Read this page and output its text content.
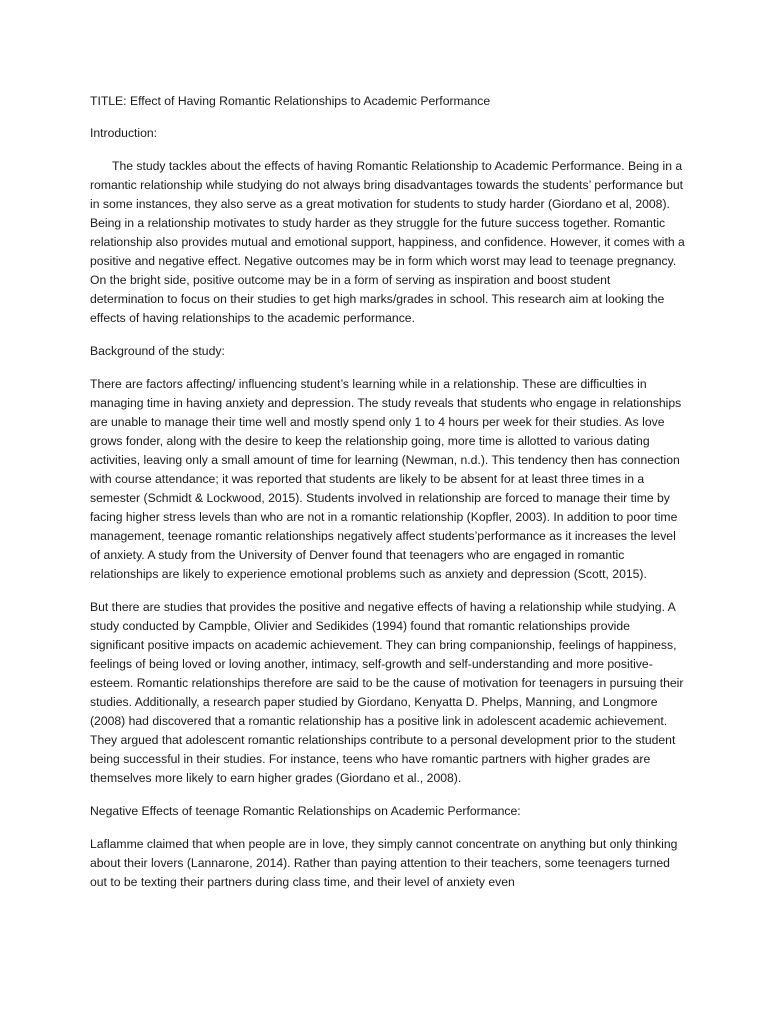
TITLE: Effect of Having Romantic Relationships to Academic Performance

Introduction:

The study tackles about the effects of having Romantic Relationship to Academic Performance. Being in a romantic relationship while studying do not always bring disadvantages towards the students’ performance but in some instances, they also serve as a great motivation for students to study harder (Giordano et al, 2008). Being in a relationship motivates to study harder as they struggle for the future success together. Romantic relationship also provides mutual and emotional support, happiness, and confidence. However, it comes with a positive and negative effect. Negative outcomes may be in form which worst may lead to teenage pregnancy. On the bright side, positive outcome may be in a form of serving as inspiration and boost student determination to focus on their studies to get high marks/grades in school. This research aim at looking the effects of having relationships to the academic performance.

Background of the study:

There are factors affecting/ influencing student’s learning while in a relationship. These are difficulties in managing time in having anxiety and depression. The study reveals that students who engage in relationships are unable to manage their time well and mostly spend only 1 to 4 hours per week for their studies. As love grows fonder, along with the desire to keep the relationship going, more time is allotted to various dating activities, leaving only a small amount of time for learning (Newman, n.d.). This tendency then has connection with course attendance; it was reported that students are likely to be absent for at least three times in a semester (Schmidt & Lockwood, 2015). Students involved in relationship are forced to manage their time by facing higher stress levels than who are not in a romantic relationship (Kopfler, 2003). In addition to poor time management, teenage romantic relationships negatively affect students’performance as it increases the level of anxiety. A study from the University of Denver found that teenagers who are engaged in romantic relationships are likely to experience emotional problems such as anxiety and depression (Scott, 2015).

But there are studies that provides the positive and negative effects of having a relationship while studying. A study conducted by Campble, Olivier and Sedikides (1994) found that romantic relationships provide significant positive impacts on academic achievement. They can bring companionship, feelings of happiness, feelings of being loved or loving another, intimacy, self-growth and self-understanding and more positive-esteem. Romantic relationships therefore are said to be the cause of motivation for teenagers in pursuing their studies. Additionally, a research paper studied by Giordano, Kenyatta D. Phelps, Manning, and Longmore (2008) had discovered that a romantic relationship has a positive link in adolescent academic achievement. They argued that adolescent romantic relationships contribute to a personal development prior to the student being successful in their studies. For instance, teens who have romantic partners with higher grades are themselves more likely to earn higher grades (Giordano et al., 2008).

Negative Effects of teenage Romantic Relationships on Academic Performance:

Laflamme claimed that when people are in love, they simply cannot concentrate on anything but only thinking about their lovers (Lannarone, 2014). Rather than paying attention to their teachers, some teenagers turned out to be texting their partners during class time, and their level of anxiety even
